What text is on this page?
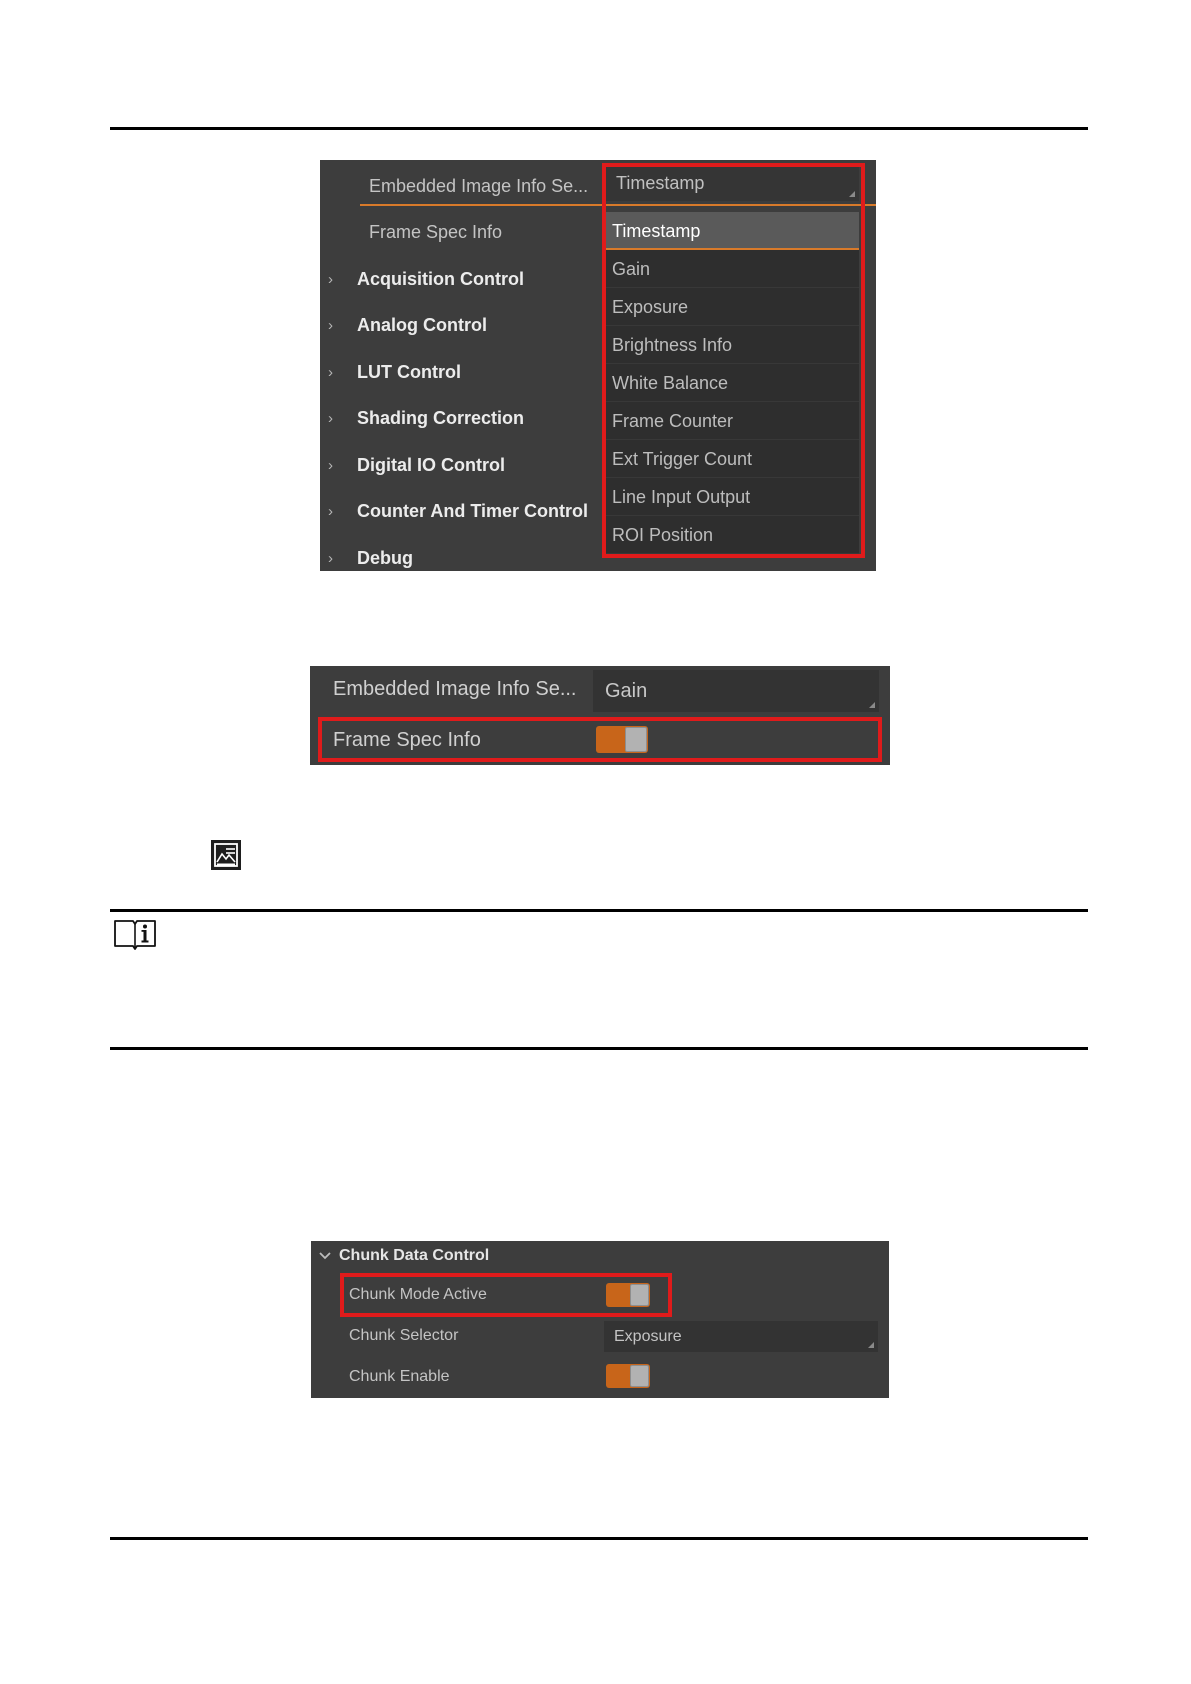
Embedded Image Info Se...	Timestamp
Frame Spec Info
› Acquisition Control
› Analog Control
› LUT Control
› Shading Correction
› Digital IO Control
› Counter And Timer Control
› Debug
Timestamp
Gain
Exposure
Brightness Info
White Balance
Frame Counter
Ext Trigger Count
Line Input Output
ROI Position
Embedded Image Info Se...	Gain
Frame Spec Info
Chunk Data Control
Chunk Mode Active
Chunk Selector	Exposure
Chunk Enable
